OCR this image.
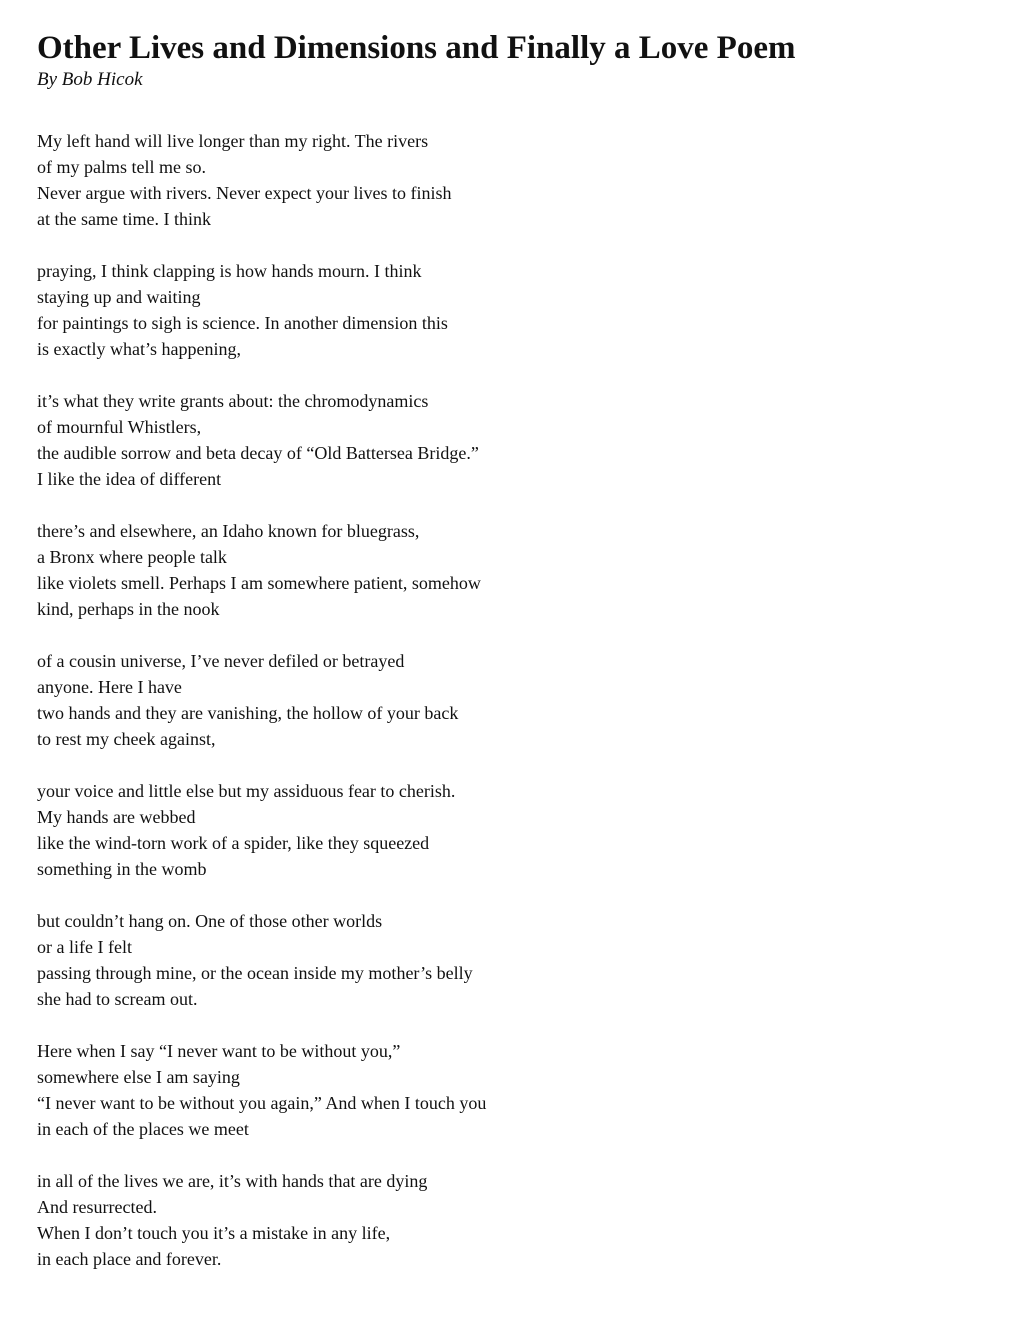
Other Lives and Dimensions and Finally a Love Poem

By Bob Hicok

My left hand will live longer than my right. The rivers
of my palms tell me so.
Never argue with rivers. Never expect your lives to finish
at the same time. I think
praying, I think clapping is how hands mourn. I think
staying up and waiting
for paintings to sigh is science. In another dimension this
is exactly what’s happening,
it’s what they write grants about: the chromodynamics
of mournful Whistlers,
the audible sorrow and beta decay of “Old Battersea Bridge.”
I like the idea of different
there’s and elsewhere, an Idaho known for bluegrass,
a Bronx where people talk
like violets smell. Perhaps I am somewhere patient, somehow
kind, perhaps in the nook
of a cousin universe, I’ve never defiled or betrayed
anyone. Here I have
two hands and they are vanishing, the hollow of your back
to rest my cheek against,
your voice and little else but my assiduous fear to cherish.
My hands are webbed
like the wind-torn work of a spider, like they squeezed
something in the womb
but couldn’t hang on. One of those other worlds
or a life I felt
passing through mine, or the ocean inside my mother’s belly
she had to scream out.
Here when I say “I never want to be without you,”
somewhere else I am saying
“I never want to be without you again,” And when I touch you
in each of the places we meet
in all of the lives we are, it’s with hands that are dying
And resurrected.
When I don’t touch you it’s a mistake in any life,
in each place and forever.
